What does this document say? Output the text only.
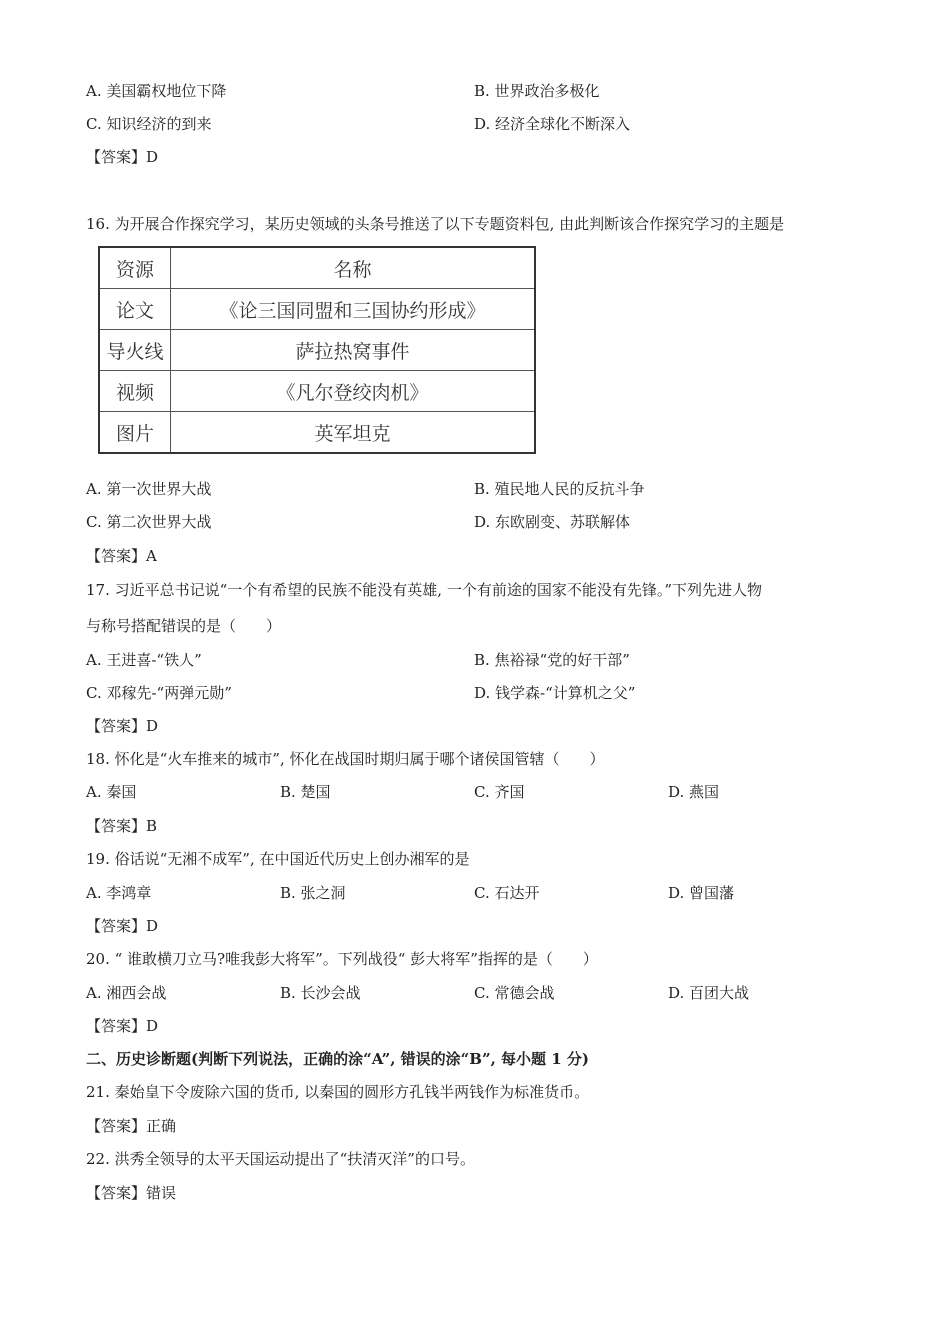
A. 美国霸权地位下降	B. 世界政治多极化
C. 知识经济的到来	D. 经济全球化不断深入
【答案】D
16. 为开展合作探究学习，某历史领域的头条号推送了以下专题资料包, 由此判断该合作探究学习的主题是
资源	名称
论文	《论三国同盟和三国协约形成》
导火线	萨拉热窝事件
视频	《凡尔登绞肉机》
图片	英军坦克
A. 第一次世界大战	B. 殖民地人民的反抗斗争
C. 第二次世界大战	D. 东欧剧变、苏联解体
【答案】A
17. 习近平总书记说“一个有希望的民族不能没有英雄, 一个有前途的国家不能没有先锋。”下列先进人物
与称号搭配错误的是（　　）
A. 王进喜-“铁人”	B. 焦裕禄“党的好干部”
C. 邓稼先-“两弹元勋”	D. 钱学森-“计算机之父”
【答案】D
18. 怀化是“火车推来的城市”, 怀化在战国时期归属于哪个诸侯国管辖（　　）
A. 秦国	B. 楚国	C. 齐国	D. 燕国
【答案】B
19. 俗话说“无湘不成军”, 在中国近代历史上创办湘军的是
A. 李鸿章	B. 张之洞	C. 石达开	D. 曾国藩
【答案】D
20. “ 谁敢横刀立马?唯我彭大将军”。下列战役“ 彭大将军”指挥的是（　　）
A. 湘西会战	B. 长沙会战	C. 常德会战	D. 百团大战
【答案】D
二、历史诊断题(判断下列说法，正确的涂“A”, 错误的涂“B”, 每小题 1 分)
21. 秦始皇下令废除六国的货币, 以秦国的圆形方孔钱半两钱作为标准货币。
【答案】正确
22. 洪秀全领导的太平天国运动提出了“扶清灭洋”的口号。
【答案】错误
